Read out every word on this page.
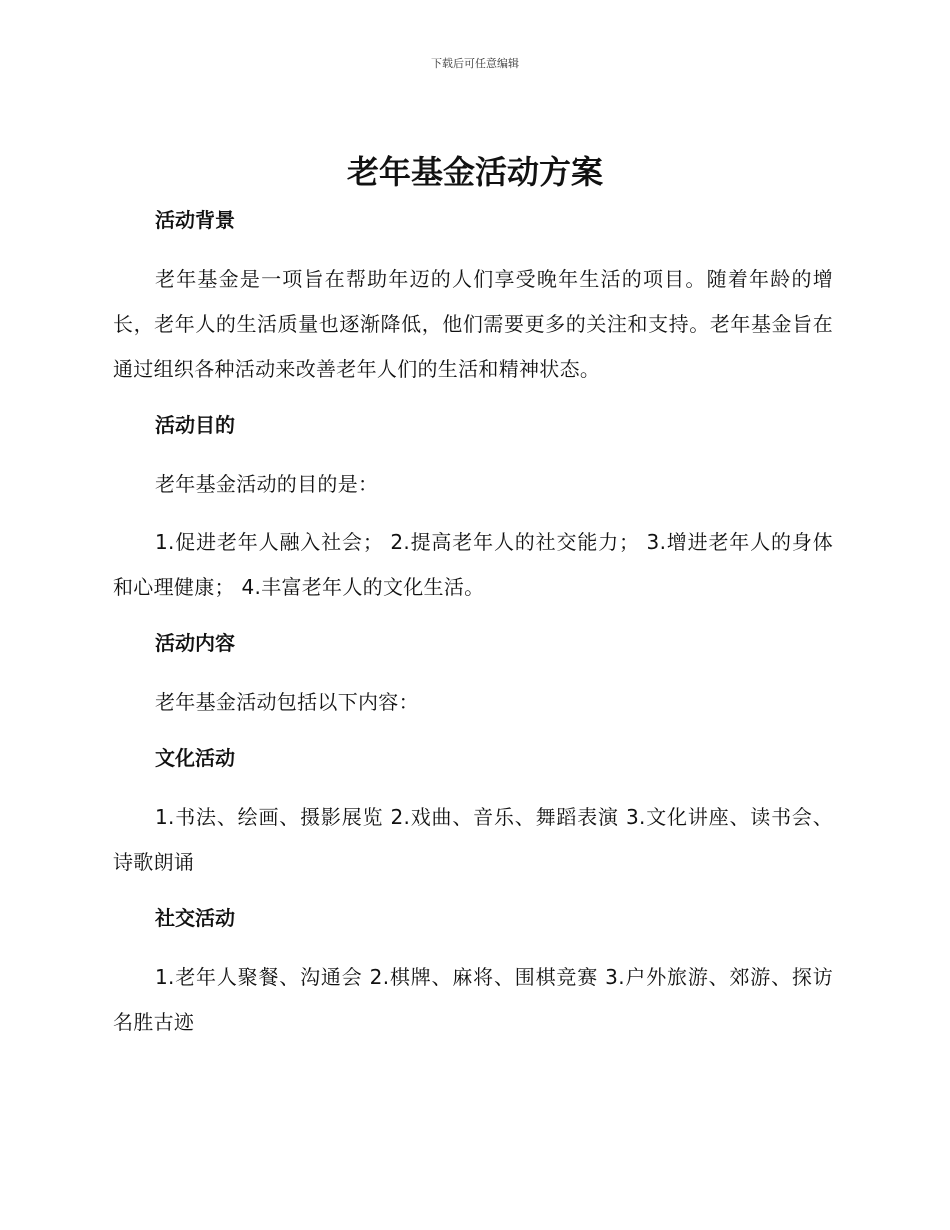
下载后可任意编辑
老年基金活动方案
活动背景
老年基金是一项旨在帮助年迈的人们享受晚年生活的项目。随着年龄的增长，老年人的生活质量也逐渐降低，他们需要更多的关注和支持。老年基金旨在通过组织各种活动来改善老年人们的生活和精神状态。
活动目的
老年基金活动的目的是：
1.促进老年人融入社会； 2.提高老年人的社交能力； 3.增进老年人的身体和心理健康； 4.丰富老年人的文化生活。
活动内容
老年基金活动包括以下内容：
文化活动
1.书法、绘画、摄影展览 2.戏曲、音乐、舞蹈表演 3.文化讲座、读书会、诗歌朗诵
社交活动
1.老年人聚餐、沟通会 2.棋牌、麻将、围棋竞赛 3.户外旅游、郊游、探访名胜古迹
